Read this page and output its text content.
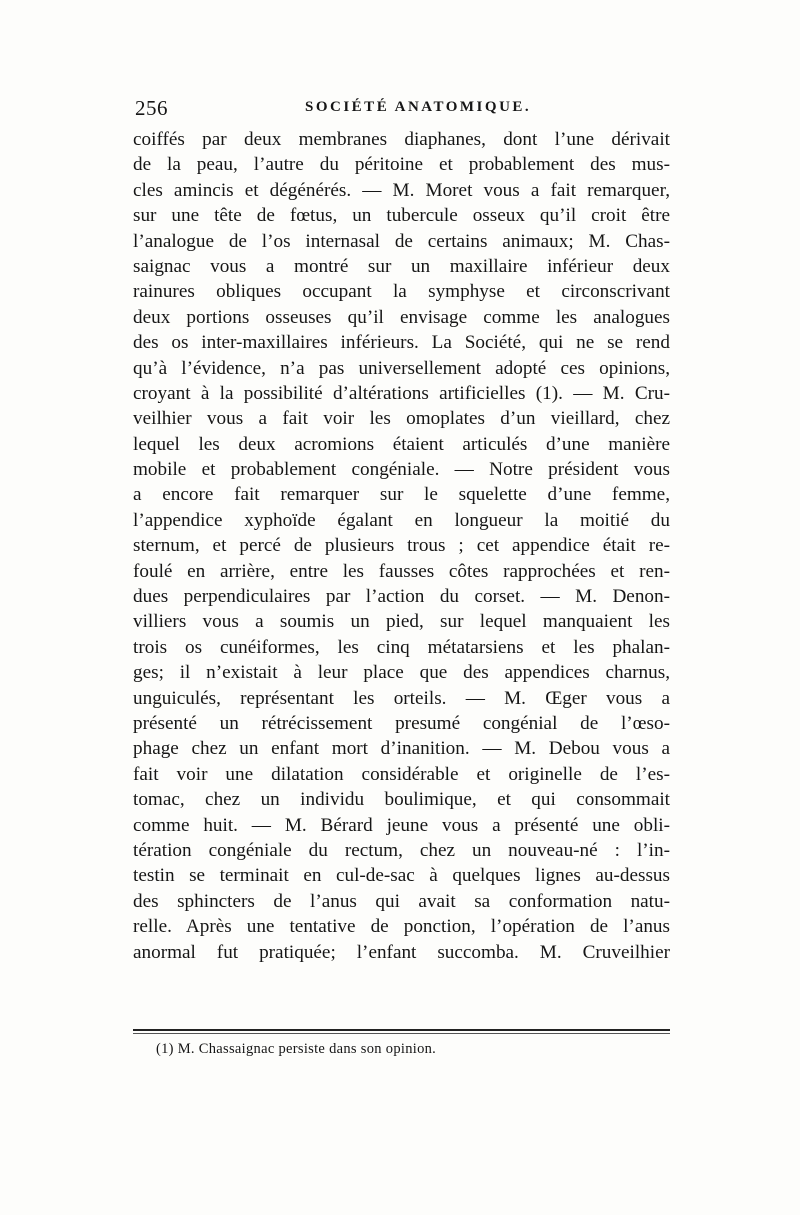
256	SOCIÉTÉ ANATOMIQUE.
coiffés par deux membranes diaphanes, dont l’une dérivait
de la peau, l’autre du péritoine et probablement des mus-
cles amincis et dégénérés. — M. Moret vous a fait remarquer,
sur une tête de fœtus, un tubercule osseux qu’il croit être
l’analogue de l’os internasal de certains animaux; M. Chas-
saignac vous a montré sur un maxillaire inférieur deux
rainures obliques occupant la symphyse et circonscrivant
deux portions osseuses qu’il envisage comme les analogues
des os inter-maxillaires inférieurs. La Société, qui ne se rend
qu’à l’évidence, n’a pas universellement adopté ces opinions,
croyant à la possibilité d’altérations artificielles (1). — M. Cru-
veilhier vous a fait voir les omoplates d’un vieillard, chez
lequel les deux acromions étaient articulés d’une manière
mobile et probablement congéniale. — Notre président vous
a encore fait remarquer sur le squelette d’une femme,
l’appendice xyphoïde égalant en longueur la moitié du
sternum, et percé de plusieurs trous ; cet appendice était re-
foulé en arrière, entre les fausses côtes rapprochées et ren-
dues perpendiculaires par l’action du corset. — M. Denon-
villiers vous a soumis un pied, sur lequel manquaient les
trois os cunéiformes, les cinq métatarsiens et les phalan-
ges; il n’existait à leur place que des appendices charnus,
unguiculés, représentant les orteils. — M. Œger vous a
présenté un rétrécissement presumé congénial de l’œso-
phage chez un enfant mort d’inanition. — M. Debou vous a
fait voir une dilatation considérable et originelle de l’es-
tomac, chez un individu boulimique, et qui consommait
comme huit. — M. Bérard jeune vous a présenté une obli-
tération congéniale du rectum, chez un nouveau-né : l’in-
testin se terminait en cul-de-sac à quelques lignes au-dessus
des sphincters de l’anus qui avait sa conformation natu-
relle. Après une tentative de ponction, l’opération de l’anus
anormal fut pratiquée; l’enfant succomba. M. Cruveilhier
(1) M. Chassaignac persiste dans son opinion.
